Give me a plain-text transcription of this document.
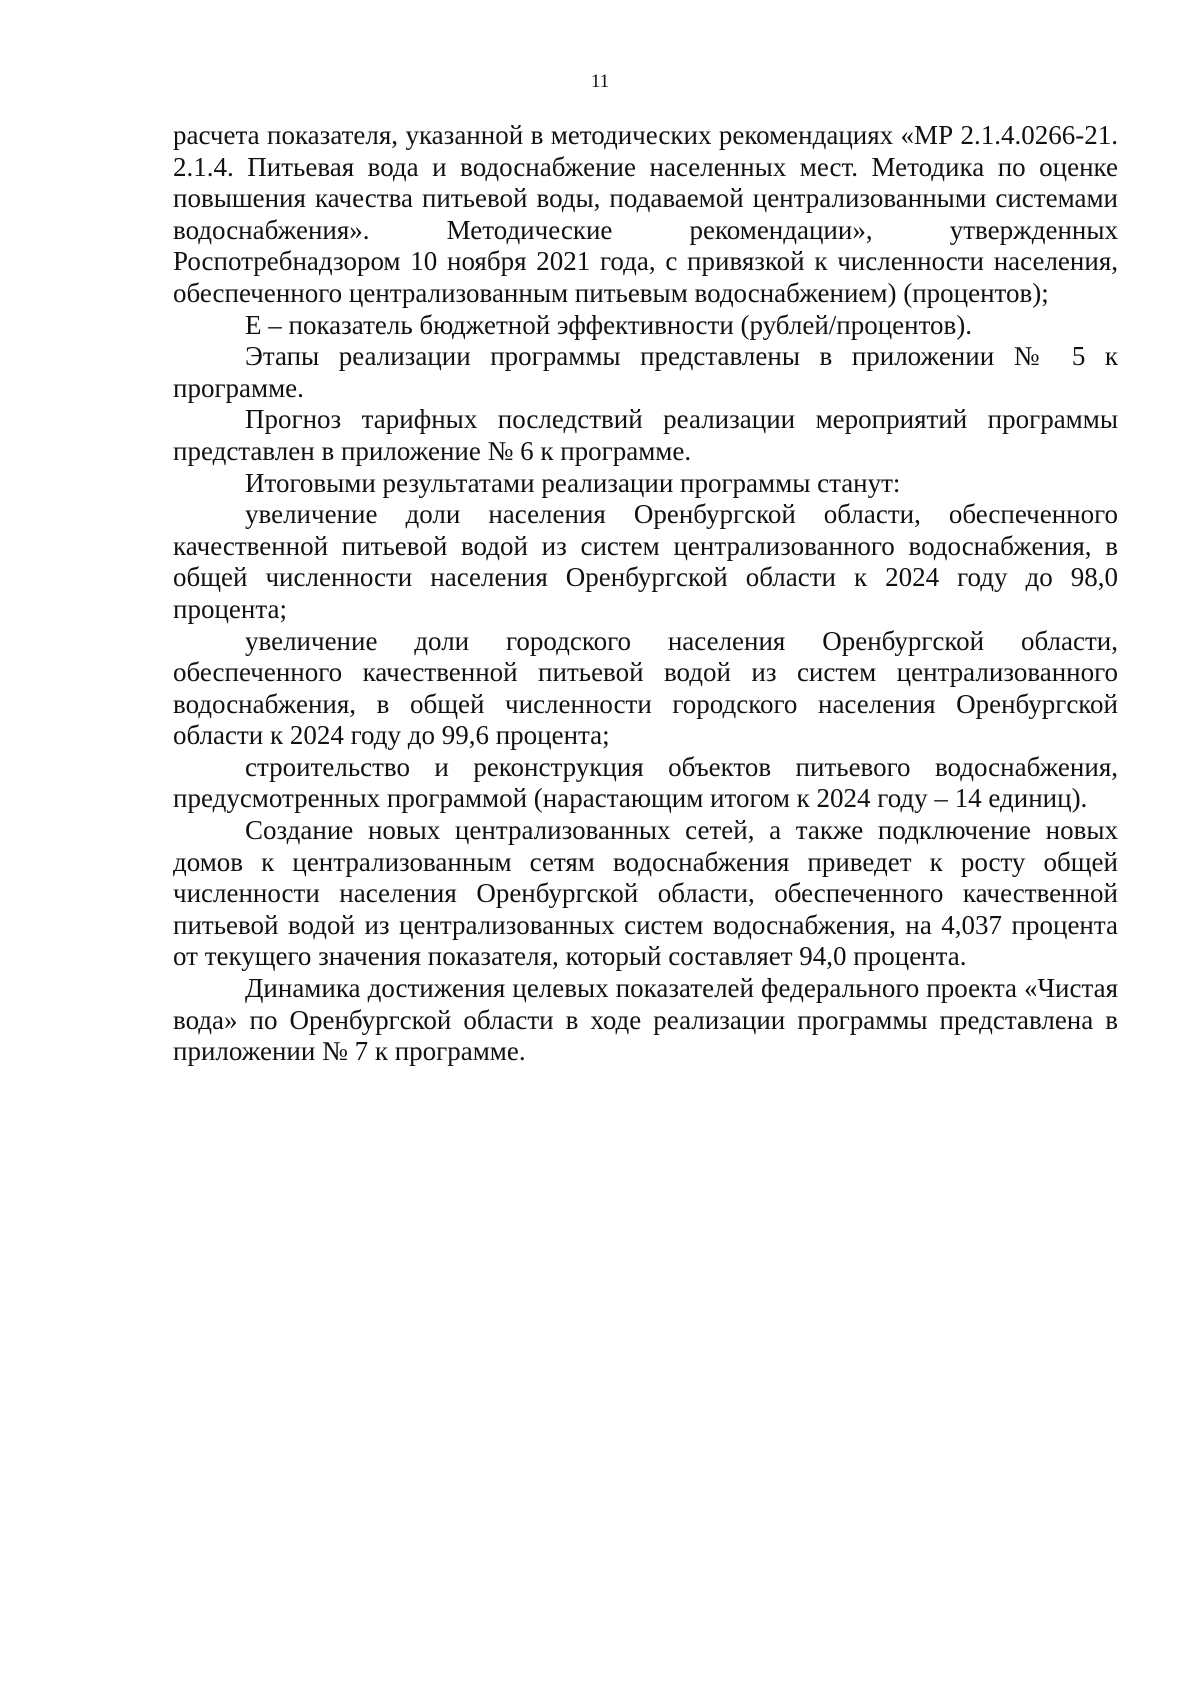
11

расчета показателя, указанной в методических рекомендациях «МР 2.1.4.0266-21. 2.1.4. Питьевая вода и водоснабжение населенных мест. Методика по оценке повышения качества питьевой воды, подаваемой централизованными системами водоснабжения». Методические рекомендации», утвержденных Роспотребнадзором 10 ноября 2021 года, с привязкой к численности населения, обеспеченного централизованным питьевым водоснабжением) (процентов);

Е – показатель бюджетной эффективности (рублей/процентов).

Этапы реализации программы представлены в приложении № 5 к программе.

Прогноз тарифных последствий реализации мероприятий программы представлен в приложение № 6 к программе.

Итоговыми результатами реализации программы станут:

увеличение доли населения Оренбургской области, обеспеченного качественной питьевой водой из систем централизованного водоснабжения, в общей численности населения Оренбургской области к 2024 году до 98,0 процента;

увеличение доли городского населения Оренбургской области, обеспеченного качественной питьевой водой из систем централизованного водоснабжения, в общей численности городского населения Оренбургской области к 2024 году до 99,6 процента;

строительство и реконструкция объектов питьевого водоснабжения, предусмотренных программой (нарастающим итогом к 2024 году – 14 единиц).

Создание новых централизованных сетей, а также подключение новых домов к централизованным сетям водоснабжения приведет к росту общей численности населения Оренбургской области, обеспеченного качественной питьевой водой из централизованных систем водоснабжения, на 4,037 процента от текущего значения показателя, который составляет 94,0 процента.

Динамика достижения целевых показателей федерального проекта «Чистая вода» по Оренбургской области в ходе реализации программы представлена в приложении № 7 к программе.
